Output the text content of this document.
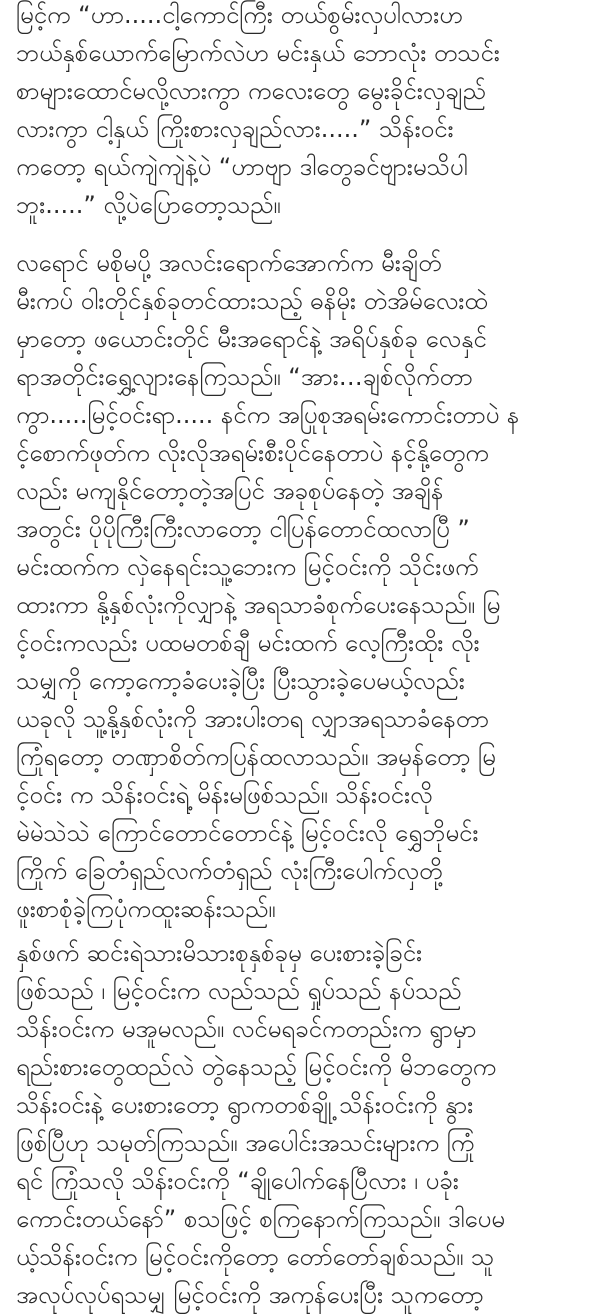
မြင့်က “ဟာ.....ငါ့ကောင်ကြီး တယ်စွမ်းလှပါလားဟ
ဘယ်နှစ်ယောက်မြောက်လဲဟ မင်းနှယ် ဘောလုံး တသင်း
စာများထောင်မလို့လားကွာ ကလေးတွေ မွေးခိုင်းလှချည်
လားကွာ ငါ့နှယ် ကြိုးစားလှချည်လား.....” သိန်းဝင်း
ကတော့ ရယ်ကျဲကျဲနဲ့ပဲ “ဟာဗျာ ဒါတွေခင်ဗျားမသိပါ
ဘူး.....” လို့ပဲပြောတော့သည်။

လရောင် မစိုမပို့ အလင်းရောက်အောက်က မီးချိတ်
မီးကပ် ဝါးတိုင်နှစ်ခုတင်ထားသည့် ဓနိမိုး တဲအိမ်လေးထဲ
မှာတော့ ဖယောင်းတိုင် မီးအရောင်နဲ့ အရိပ်နှစ်ခု လေနှင်
ရာအတိုင်းရွှေ့လျားနေကြသည်။ “အား…ချစ်လိုက်တာ
ကွာ.....မြင့်ဝင်းရာ..... နင်က အပြုစုအရမ်းကောင်းတာပဲ န
င့်စောက်ဖုတ်က လိုးလိုအရမ်းစီးပိုင်နေတာပဲ နင့်နို့တွေက
လည်း မကျနိုင်တော့တဲ့အပြင် အခုစုပ်နေတဲ့ အချိန်
အတွင်း ပိုပိုကြီးကြီးလာတော့ ငါပြန်တောင်ထလာပြီ ”
မင်းထက်က လှဲနေရင်းသူ့ဘေးက မြင့်ဝင်းကို သိုင်းဖက်
ထားကာ နို့နှစ်လုံးကိုလျှာနဲ့ အရသာခံစုက်ပေးနေသည်။ မြ
င့်ဝင်းကလည်း ပထမတစ်ချီ မင်းထက် လေ့ကြီးထိုး လိုး
သမျှကို ကော့ကော့ခံပေးခဲ့ပြီး ပြီးသွားခဲ့ပေမယ့်လည်း
ယခုလို သူ့နို့နှစ်လုံးကို အားပါးတရ လျှာအရသာခံနေတာ
ကြုံရတော့ တဏှာစိတ်ကပြန်ထလာသည်။ အမှန်တော့ မြ
င့်ဝင်း က သိန်းဝင်းရဲ့ မိန်းမဖြစ်သည်။ သိန်းဝင်းလို
မဲမဲသဲသဲ ကြောင်တောင်တောင်နဲ့ မြင့်ဝင်းလို ရွှေဘိုမင်း
ကြိုက် ခြေတံရှည်လက်တံရှည် လုံးကြီးပေါက်လှတို့
ဖူးစာစုံခဲ့ကြပုံကထူးဆန်းသည်။

နှစ်ဖက် ဆင်းရဲသားမိသားစုနှစ်ခုမှ ပေးစားခဲ့ခြင်း
ဖြစ်သည် ၊ မြင့်ဝင်းက လည်သည် ရှုပ်သည် နပ်သည်
သိန်းဝင်းက မအူမလည်။ လင်မရခင်ကတည်းက ရွာမှာ
ရည်းစားတွေထည်လဲ တွဲနေသည့် မြင့်ဝင်းကို မိဘတွေက
သိန်းဝင်းနဲ့ ပေးစားတော့ ရွာကတစ်ချို့ သိန်းဝင်းကို နွား
ဖြစ်ပြီဟု သမုတ်ကြသည်။ အပေါင်းအသင်းများက ကြုံ
ရင် ကြုံသလို သိန်းဝင်းကို “ချိုပေါက်နေပြီလား ၊ ပခုံး
ကောင်းတယ်နော်” စသဖြင့် စကြနောက်ကြသည်။ ဒါပေမ
ယ့်သိန်းဝင်းက မြင့်ဝင်းကိုတော့ တော်တော်ချစ်သည်။ သူ
အလုပ်လုပ်ရသမျှ မြင့်ဝင်းကို အကုန်ပေးပြီး သူကတော့
